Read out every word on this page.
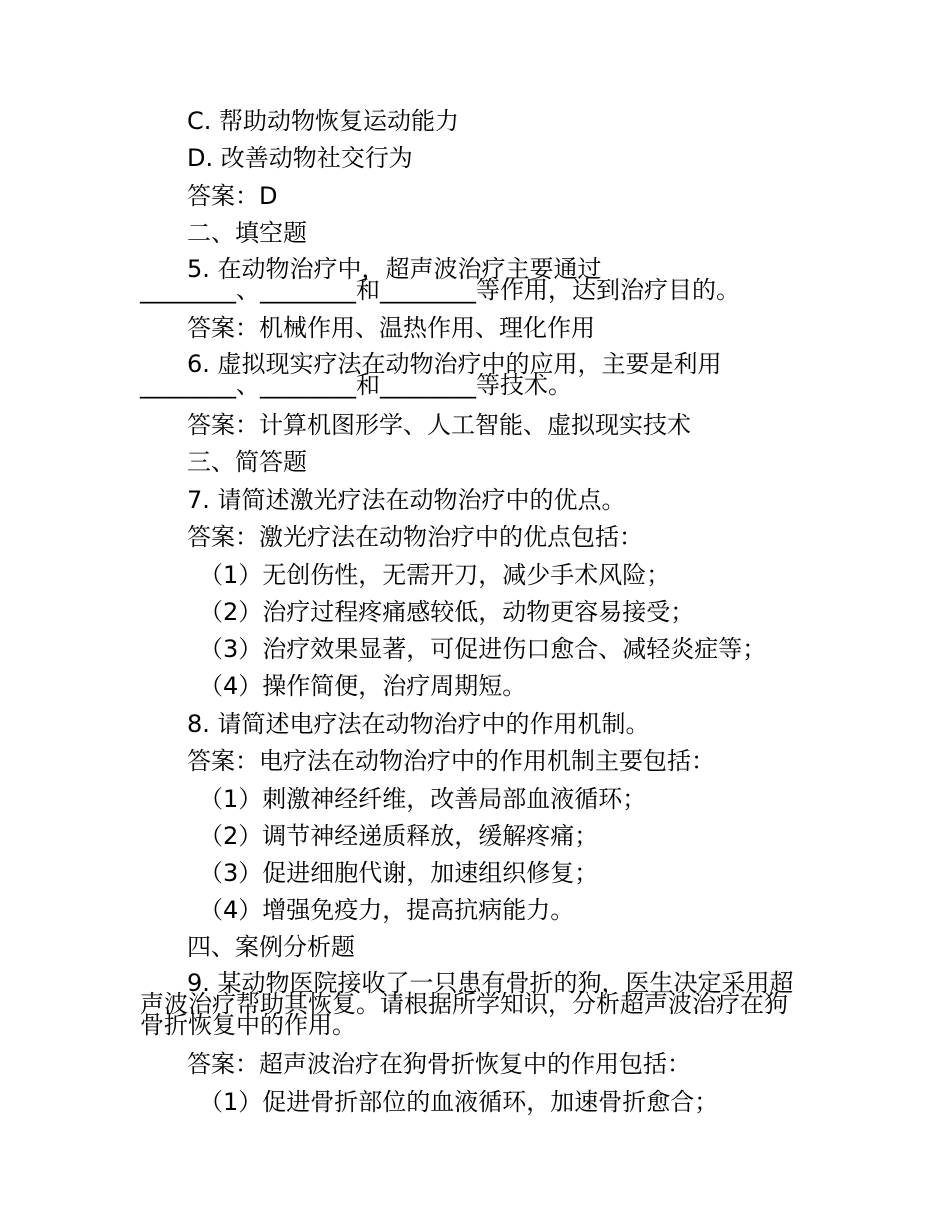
C. 帮助动物恢复运动能力
D. 改善动物社交行为
答案：D
二、填空题
5. 在动物治疗中，超声波治疗主要通过
________、________和________等作用，达到治疗目的。
答案：机械作用、温热作用、理化作用
6. 虚拟现实疗法在动物治疗中的应用，主要是利用
________、________和________等技术。
答案：计算机图形学、人工智能、虚拟现实技术
三、简答题
7. 请简述激光疗法在动物治疗中的优点。
答案：激光疗法在动物治疗中的优点包括：
（1）无创伤性，无需开刀，减少手术风险；
（2）治疗过程疼痛感较低，动物更容易接受；
（3）治疗效果显著，可促进伤口愈合、减轻炎症等；
（4）操作简便，治疗周期短。
8. 请简述电疗法在动物治疗中的作用机制。
答案：电疗法在动物治疗中的作用机制主要包括：
（1）刺激神经纤维，改善局部血液循环；
（2）调节神经递质释放，缓解疼痛；
（3）促进细胞代谢，加速组织修复；
（4）增强免疫力，提高抗病能力。
四、案例分析题
9. 某动物医院接收了一只患有骨折的狗，医生决定采用超
声波治疗帮助其恢复。请根据所学知识，分析超声波治疗在狗
骨折恢复中的作用。
答案：超声波治疗在狗骨折恢复中的作用包括：
（1）促进骨折部位的血液循环，加速骨折愈合；
